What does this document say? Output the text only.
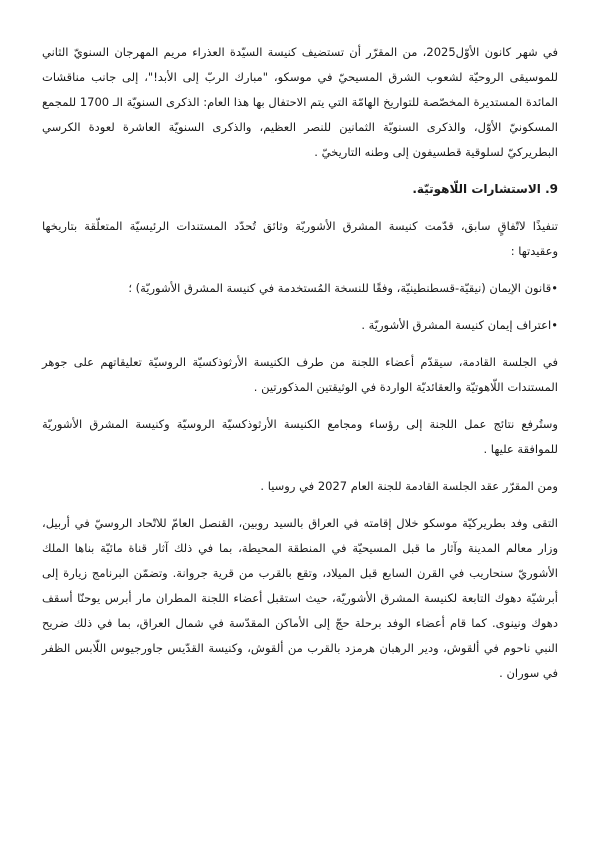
في شهر كانون الأوّل2025، من المقرّر أن تستضيف كنيسة السيّدة العذراء مريم المهرجان السنويّ الثاني للموسيقى الروحيّة لشعوب الشرق المسيحيّ في موسكو، "مبارك الربّ إلى الأبد!"، إلى جانب مناقشات المائدة المستديرة المخصّصة للتواريخ الهامّة التي يتم الاحتفال بها هذا العام: الذكرى السنويّة الـ 1700 للمجمع المسكونيّ الأوّل، والذكرى السنويّة الثمانين للنصر العظيم، والذكرى السنويّة العاشرة لعودة الكرسي البطريركيّ لسلوقية قطسيفون إلى وطنه التاريخيّ .

9. الاستشارات اللّاهوتيّة.

تنفيذًا لاتّفاقٍ سابق، قدّمت كنيسة المشرق الأشوريّة وثائق تُحدّد المستندات الرئيسيّة المتعلّقة بتاريخها وعقيدتها :

•قانون الإيمان (نيقيّة-قسطنطينيّة، وفقًا للنسخة المُستخدمة في كنيسة المشرق الأشوريّة) ؛

•اعتراف إيمان كنيسة المشرق الأشوريّة .

في الجلسة القادمة، سيقدّم أعضاء اللجنة من طرف الكنيسة الأرثوذكسيّة الروسيّة تعليقاتهم على جوهر المستندات اللّاهوتيّة والعقائديّة الواردة في الوثيقتين المذكورتين .

وستُرفع نتائج عمل اللجنة إلى رؤساء ومجامع الكنيسة الأرثوذكسيّة الروسيّة وكنيسة المشرق الأشوريّة للموافقة عليها .

ومن المقرّر عقد الجلسة القادمة للجنة العام 2027 في روسيا .

التقى وفد بطريركيّة موسكو خلال إقامته في العراق بالسيد روبين، القنصل العامّ للاتّحاد الروسيّ في أربيل، وزار معالم المدينة وآثار ما قبل المسيحيّة في المنطقة المحيطة، بما في ذلك آثار قناة مائيّة بناها الملك الأشوريّ سنحاريب في القرن السابع قبل الميلاد، وتقع بالقرب من قرية جروانة. وتضمّن البرنامج زيارة إلى أبرشيّة دهوك التابعة لكنيسة المشرق الأشوريّة، حيث استقبل أعضاء اللجنة المطران مار أبرس يوحنّا أسقف دهوك ونينوى. كما قام أعضاء الوفد برحلة حجّ إلى الأماكن المقدّسة في شمال العراق، بما في ذلك ضريح النبي ناحوم في ألقوش، ودير الرهبان هرمزد بالقرب من ألقوش، وكنيسة القدّيس جاورجيوس اللّابس الظفر في سوران .
